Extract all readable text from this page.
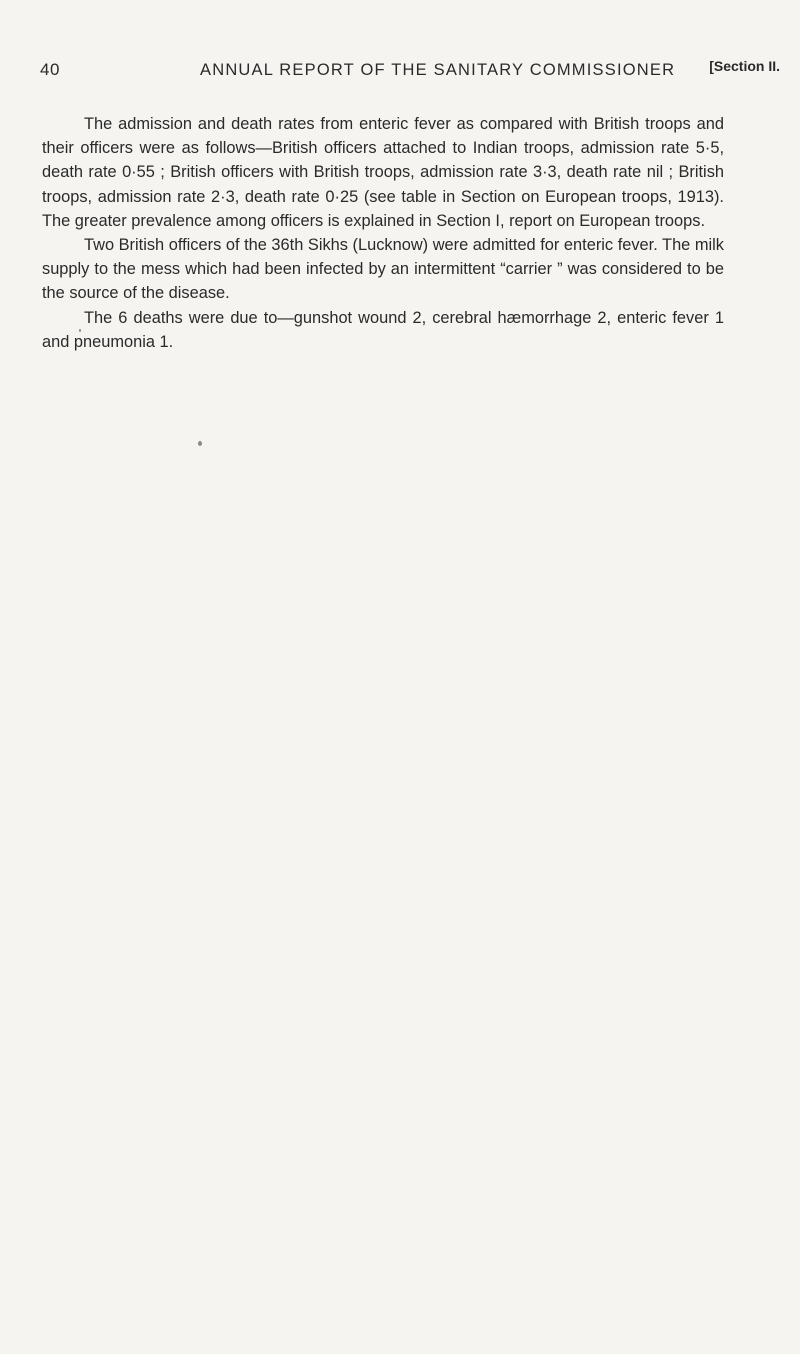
40	ANNUAL REPORT OF THE SANITARY COMMISSIONER [Section II.

The admission and death rates from enteric fever as compared with British troops and their officers were as follows—British officers attached to Indian troops, admission rate 5·5, death rate 0·55 ; British officers with British troops, admission rate 3·3, death rate nil ; British troops, admission rate 2·3, death rate 0·25 (see table in Section on European troops, 1913). The greater prevalence among officers is explained in Section I, report on European troops.

Two British officers of the 36th Sikhs (Lucknow) were admitted for enteric fever. The milk supply to the mess which had been infected by an intermittent “carrier ” was considered to be the source of the disease.

The 6 deaths were due to—gunshot wound 2, cerebral hæmorrhage 2, enteric fever 1 and pneumonia 1.
